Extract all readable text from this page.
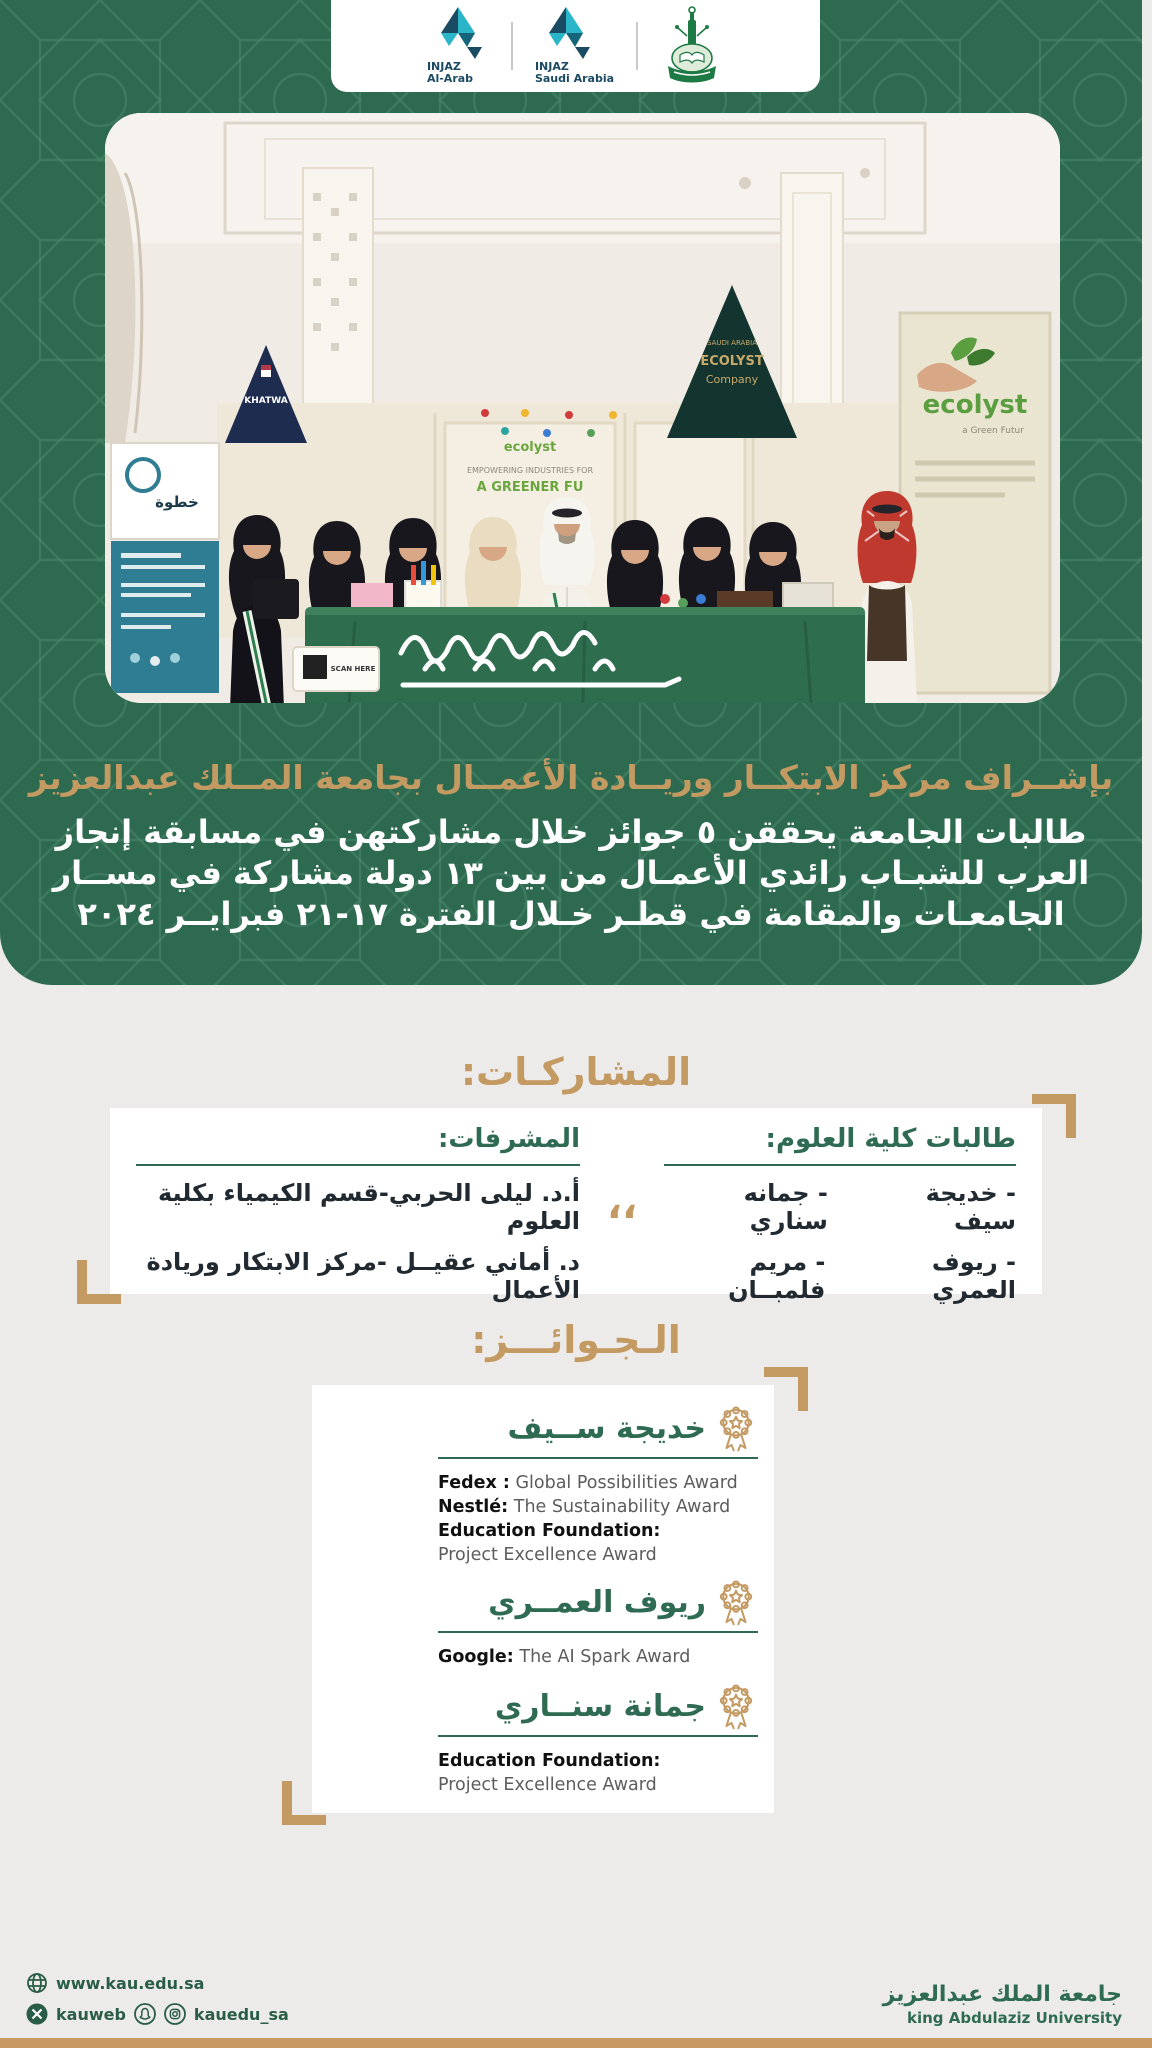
INJAZ
Al-Arab
INJAZ
Saudi Arabia
ecolyst
EMPOWERING INDUSTRIES FOR
A GREENER FU
KHATWA
SAUDI ARABIA
ECOLYST
Company
ecolyst
a Green Futur
خطوة
SCAN HERE
بإشــراف مركز الابتكــار وريــادة الأعمــال بجامعة المــلك عبدالعزيز
طالبات الجامعة يحققن ٥ جوائز خلال مشاركتهن في مسابقة إنجاز
العرب للشبـاب رائدي الأعمـال من بين ١٣ دولة مشاركة في مســار
الجامعـات والمقامة في قطـر خـلال الفترة ١٧-٢١ فبرايــر ٢٠٢٤
المشاركـات:
طالبات كلية العلوم:
- خديجة سيف
- جمانه سناري
- ريوف العمري
- مريم فلمبــان
،،
المشرفات:
أ.د. ليلى الحربي-قسم الكيمياء بكلية العلوم
د. أماني عقيــل -مركز الابتكار وريادة الأعمال
الـجـوائـــز:
خديجة ســيف
Fedex : Global Possibilities Award
Nestlé: The Sustainability Award
Education Foundation:
Project Excellence Award
ريوف العمــري
Google: The AI Spark Award
جمانة سنــاري
Education Foundation:
Project Excellence Award
www.kau.edu.sa
kauweb	kauedu_sa
جامعة الملك عبدالعزيز
king Abdulaziz University
